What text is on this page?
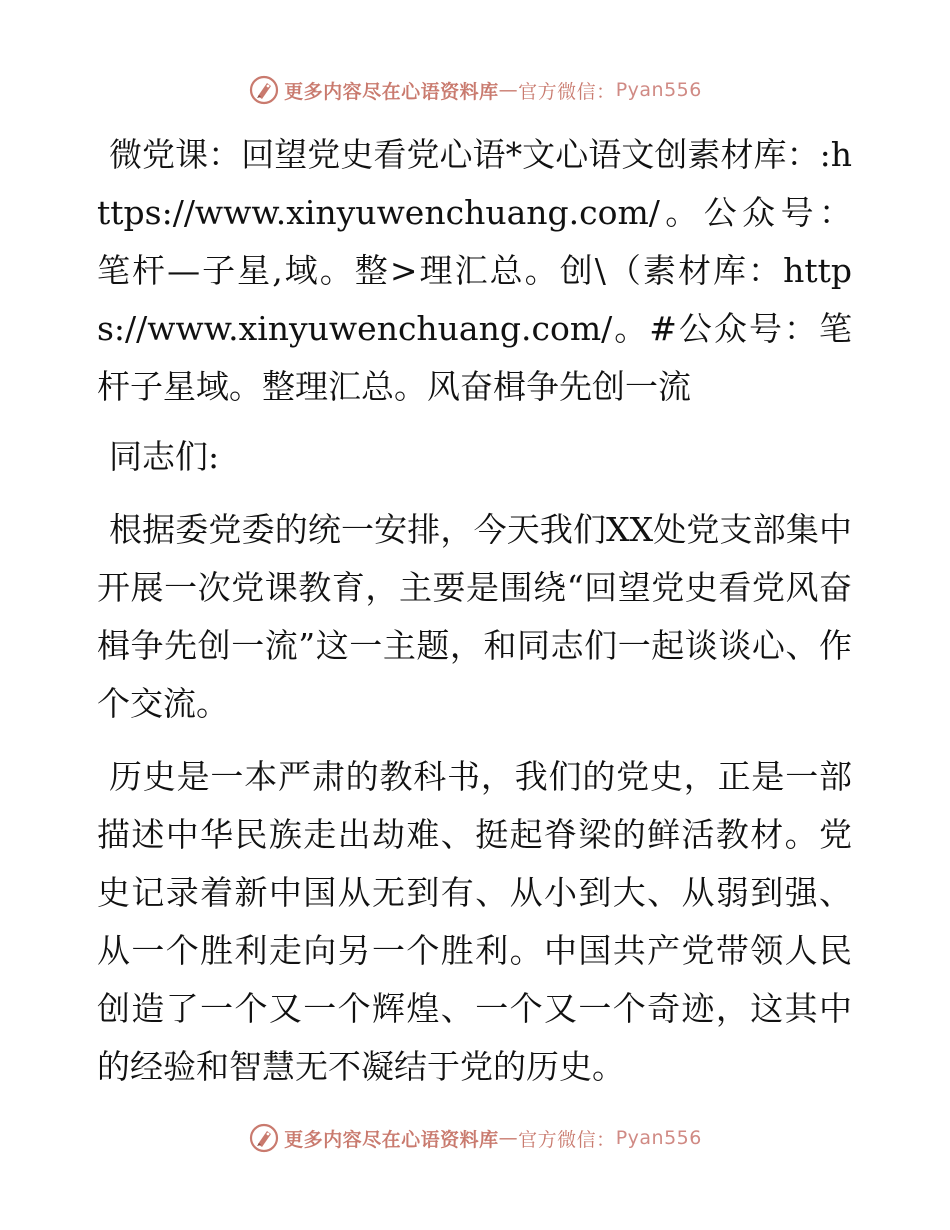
更多内容尽在心语资料库 — 官方微信： Pyan556

微党课：回望党史看党心语*文心语文创素材库：:https://www.xinyuwenchuang.com/。公众号：笔杆—子星,域。整>理汇总。创\（素材库：https://www.xinyuwenchuang.com/。#公众号：笔杆子星域。整理汇总。风奋楫争先创一流

同志们:

根据委党委的统一安排，今天我们XX处党支部集中开展一次党课教育，主要是围绕“回望党史看党风奋楫争先创一流”这一主题，和同志们一起谈谈心、作个交流。

历史是一本严肃的教科书，我们的党史，正是一部描述中华民族走出劫难、挺起脊梁的鲜活教材。党史记录着新中国从无到有、从小到大、从弱到强、从一个胜利走向另一个胜利。中国共产党带领人民创造了一个又一个辉煌、一个又一个奇迹，这其中的经验和智慧无不凝结于党的历史。

更多内容尽在心语资料库 — 官方微信： Pyan556
